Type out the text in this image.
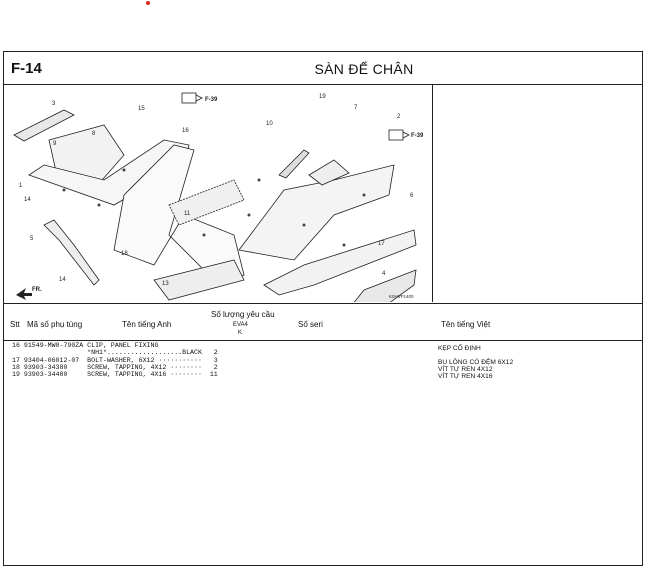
F-14	SÀN ĐỂ CHÂN
F-39
F-39
FR.
K0HVF1400
3
8
9
1
5
6
4
10
7
2
11
18
15
16
19
17
13
14
14
Stt Mã số phụ tùng	Tên tiếng Anh
Số lượng yêu cầu
EVA4
K
Số seri	Tên tiếng Việt
16 91549-MW0-790ZA CLIP, PANEL FIXING
*NH1*...................BLACK   2
KẸP CỐ ĐỊNH
17 93404-06012-07  BOLT-WASHER, 6X12 ···········   3	BU LÔNG CÓ ĐỆM 6X12
18 93903-34380     SCREW, TAPPING, 4X12 ········   2	VÍT TỰ REN 4X12
19 93903-34480     SCREW, TAPPING, 4X16 ········  11	VÍT TỰ REN 4X16
